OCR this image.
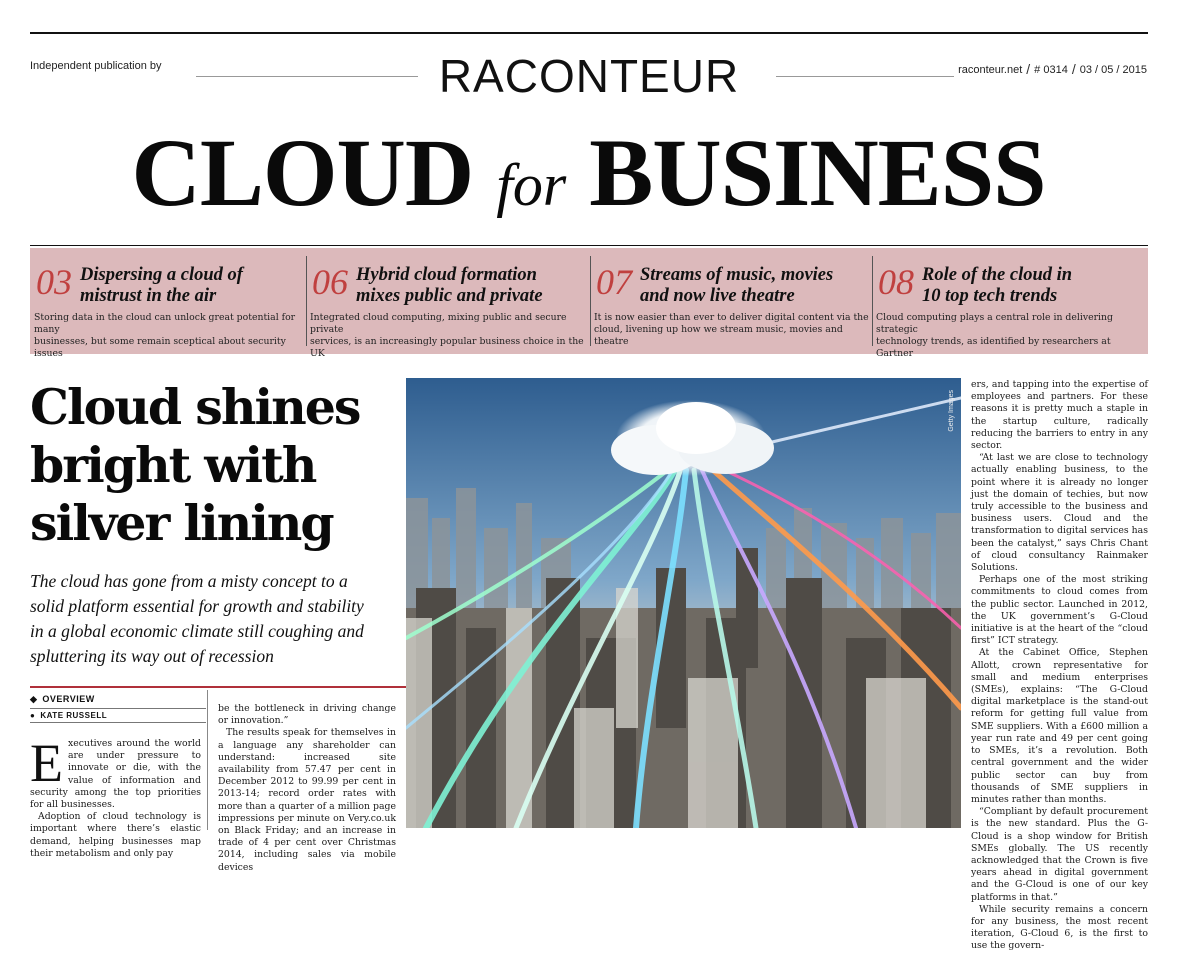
Independent publication by	RACONTEUR	raconteur.net / # 0314 / 03 / 05 / 2015
CLOUD for BUSINESS
03 Dispersing a cloud of
mistrust in the air
Storing data in the cloud can unlock great potential for many
businesses, but some remain sceptical about security issues
06 Hybrid cloud formation
mixes public and private
Integrated cloud computing, mixing public and secure private
services, is an increasingly popular business choice in the UK
07 Streams of music, movies
and now live theatre
It is now easier than ever to deliver digital content via the
cloud, livening up how we stream music, movies and theatre
08 Role of the cloud in
10 top tech trends
Cloud computing plays a central role in delivering strategic
technology trends, as identified by researchers at Gartner
Cloud shines
bright with
silver lining
The cloud has gone from a misty concept to a
solid platform essential for growth and stability
in a global economic climate still coughing and
spluttering its way out of recession
◆ OVERVIEW
● KATE RUSSELL

Executives around the world are under pressure to innovate or die, with the value of information and security among the top priorities for all businesses.

Adoption of cloud technology is important where there’s elastic demand, helping businesses map their metabolism and only pay

be the bottleneck in driving change or innovation.”

The results speak for themselves in a language any shareholder can understand: increased site availability from 57.47 per cent in December 2012 to 99.99 per cent in 2013-14; record order rates with more than a quarter of a million page impressions per minute on Very.co.uk on Black Friday; and an increase in trade of 4 per cent over Christmas 2014, including sales via mobile devices

Getty Images

ers, and tapping into the expertise of employees and partners. For these reasons it is pretty much a staple in the startup culture, radically reducing the barriers to entry in any sector.

“At last we are close to technology actually enabling business, to the point where it is already no longer just the domain of techies, but now truly accessible to the business and business users. Cloud and the transformation to digital services has been the catalyst,” says Chris Chant of cloud consultancy Rainmaker Solutions.

Perhaps one of the most striking commitments to cloud comes from the public sector. Launched in 2012, the UK government’s G-Cloud initiative is at the heart of the “cloud first” ICT strategy.

At the Cabinet Office, Stephen Allott, crown representative for small and medium enterprises (SMEs), explains: “The G-Cloud digital marketplace is the stand-out reform for getting full value from SME suppliers. With a £600 million a year run rate and 49 per cent going to SMEs, it’s a revolution. Both central government and the wider public sector can buy from thousands of SME suppliers in minutes rather than months.

“Compliant by default procurement is the new standard. Plus the G-Cloud is a shop window for British SMEs globally. The US recently acknowledged that the Crown is five years ahead in digital government and the G-Cloud is one of our key platforms in that.”

While security remains a concern for any business, the most recent iteration, G-Cloud 6, is the first to use the govern-
